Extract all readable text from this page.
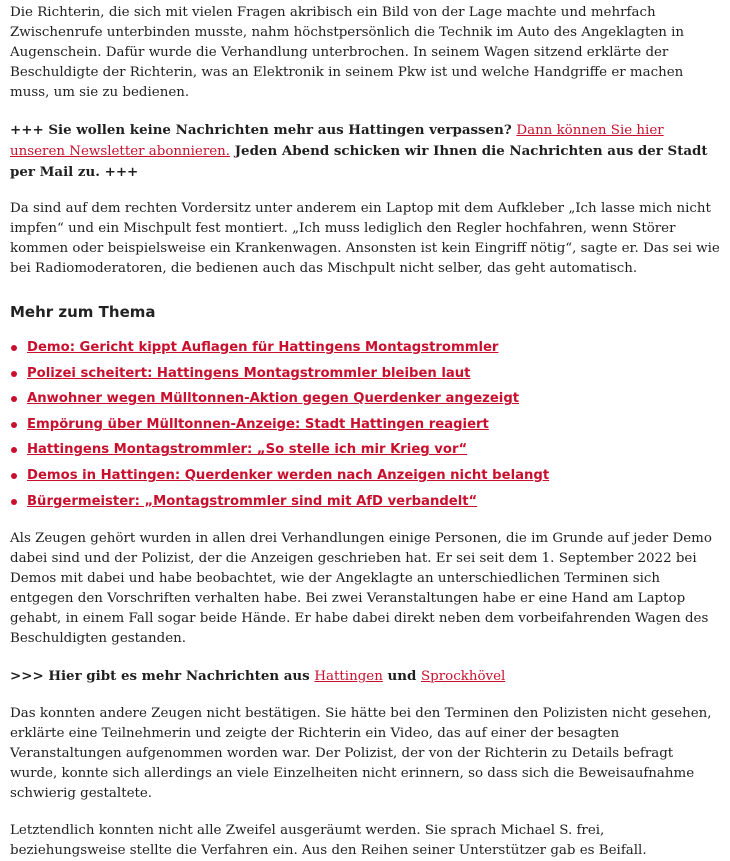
Die Richterin, die sich mit vielen Fragen akribisch ein Bild von der Lage machte und mehrfach Zwischenrufe unterbinden musste, nahm höchstpersönlich die Technik im Auto des Angeklagten in Augenschein. Dafür wurde die Verhandlung unterbrochen. In seinem Wagen sitzend erklärte der Beschuldigte der Richterin, was an Elektronik in seinem Pkw ist und welche Handgriffe er machen muss, um sie zu bedienen.

+++ Sie wollen keine Nachrichten mehr aus Hattingen verpassen? Dann können Sie hier unseren Newsletter abonnieren. Jeden Abend schicken wir Ihnen die Nachrichten aus der Stadt per Mail zu. +++

Da sind auf dem rechten Vordersitz unter anderem ein Laptop mit dem Aufkleber „Ich lasse mich nicht impfen“ und ein Mischpult fest montiert. „Ich muss lediglich den Regler hochfahren, wenn Störer kommen oder beispielsweise ein Krankenwagen. Ansonsten ist kein Eingriff nötig“, sagte er. Das sei wie bei Radiomoderatoren, die bedienen auch das Mischpult nicht selber, das geht automatisch.

Mehr zum Thema
Demo: Gericht kippt Auflagen für Hattingens Montagstrommler
Polizei scheitert: Hattingens Montagstrommler bleiben laut
Anwohner wegen Mülltonnen-Aktion gegen Querdenker angezeigt
Empörung über Mülltonnen-Anzeige: Stadt Hattingen reagiert
Hattingens Montagstrommler: „So stelle ich mir Krieg vor“
Demos in Hattingen: Querdenker werden nach Anzeigen nicht belangt
Bürgermeister: „Montagstrommler sind mit AfD verbandelt“

Als Zeugen gehört wurden in allen drei Verhandlungen einige Personen, die im Grunde auf jeder Demo dabei sind und der Polizist, der die Anzeigen geschrieben hat. Er sei seit dem 1. September 2022 bei Demos mit dabei und habe beobachtet, wie der Angeklagte an unterschiedlichen Terminen sich entgegen den Vorschriften verhalten habe. Bei zwei Veranstaltungen habe er eine Hand am Laptop gehabt, in einem Fall sogar beide Hände. Er habe dabei direkt neben dem vorbeifahrenden Wagen des Beschuldigten gestanden.

>>> Hier gibt es mehr Nachrichten aus Hattingen und Sprockhövel

Das konnten andere Zeugen nicht bestätigen. Sie hätte bei den Terminen den Polizisten nicht gesehen, erklärte eine Teilnehmerin und zeigte der Richterin ein Video, das auf einer der besagten Veranstaltungen aufgenommen worden war. Der Polizist, der von der Richterin zu Details befragt wurde, konnte sich allerdings an viele Einzelheiten nicht erinnern, so dass sich die Beweisaufnahme schwierig gestaltete.

Letztendlich konnten nicht alle Zweifel ausgeräumt werden. Sie sprach Michael S. frei, beziehungsweise stellte die Verfahren ein. Aus den Reihen seiner Unterstützer gab es Beifall.
